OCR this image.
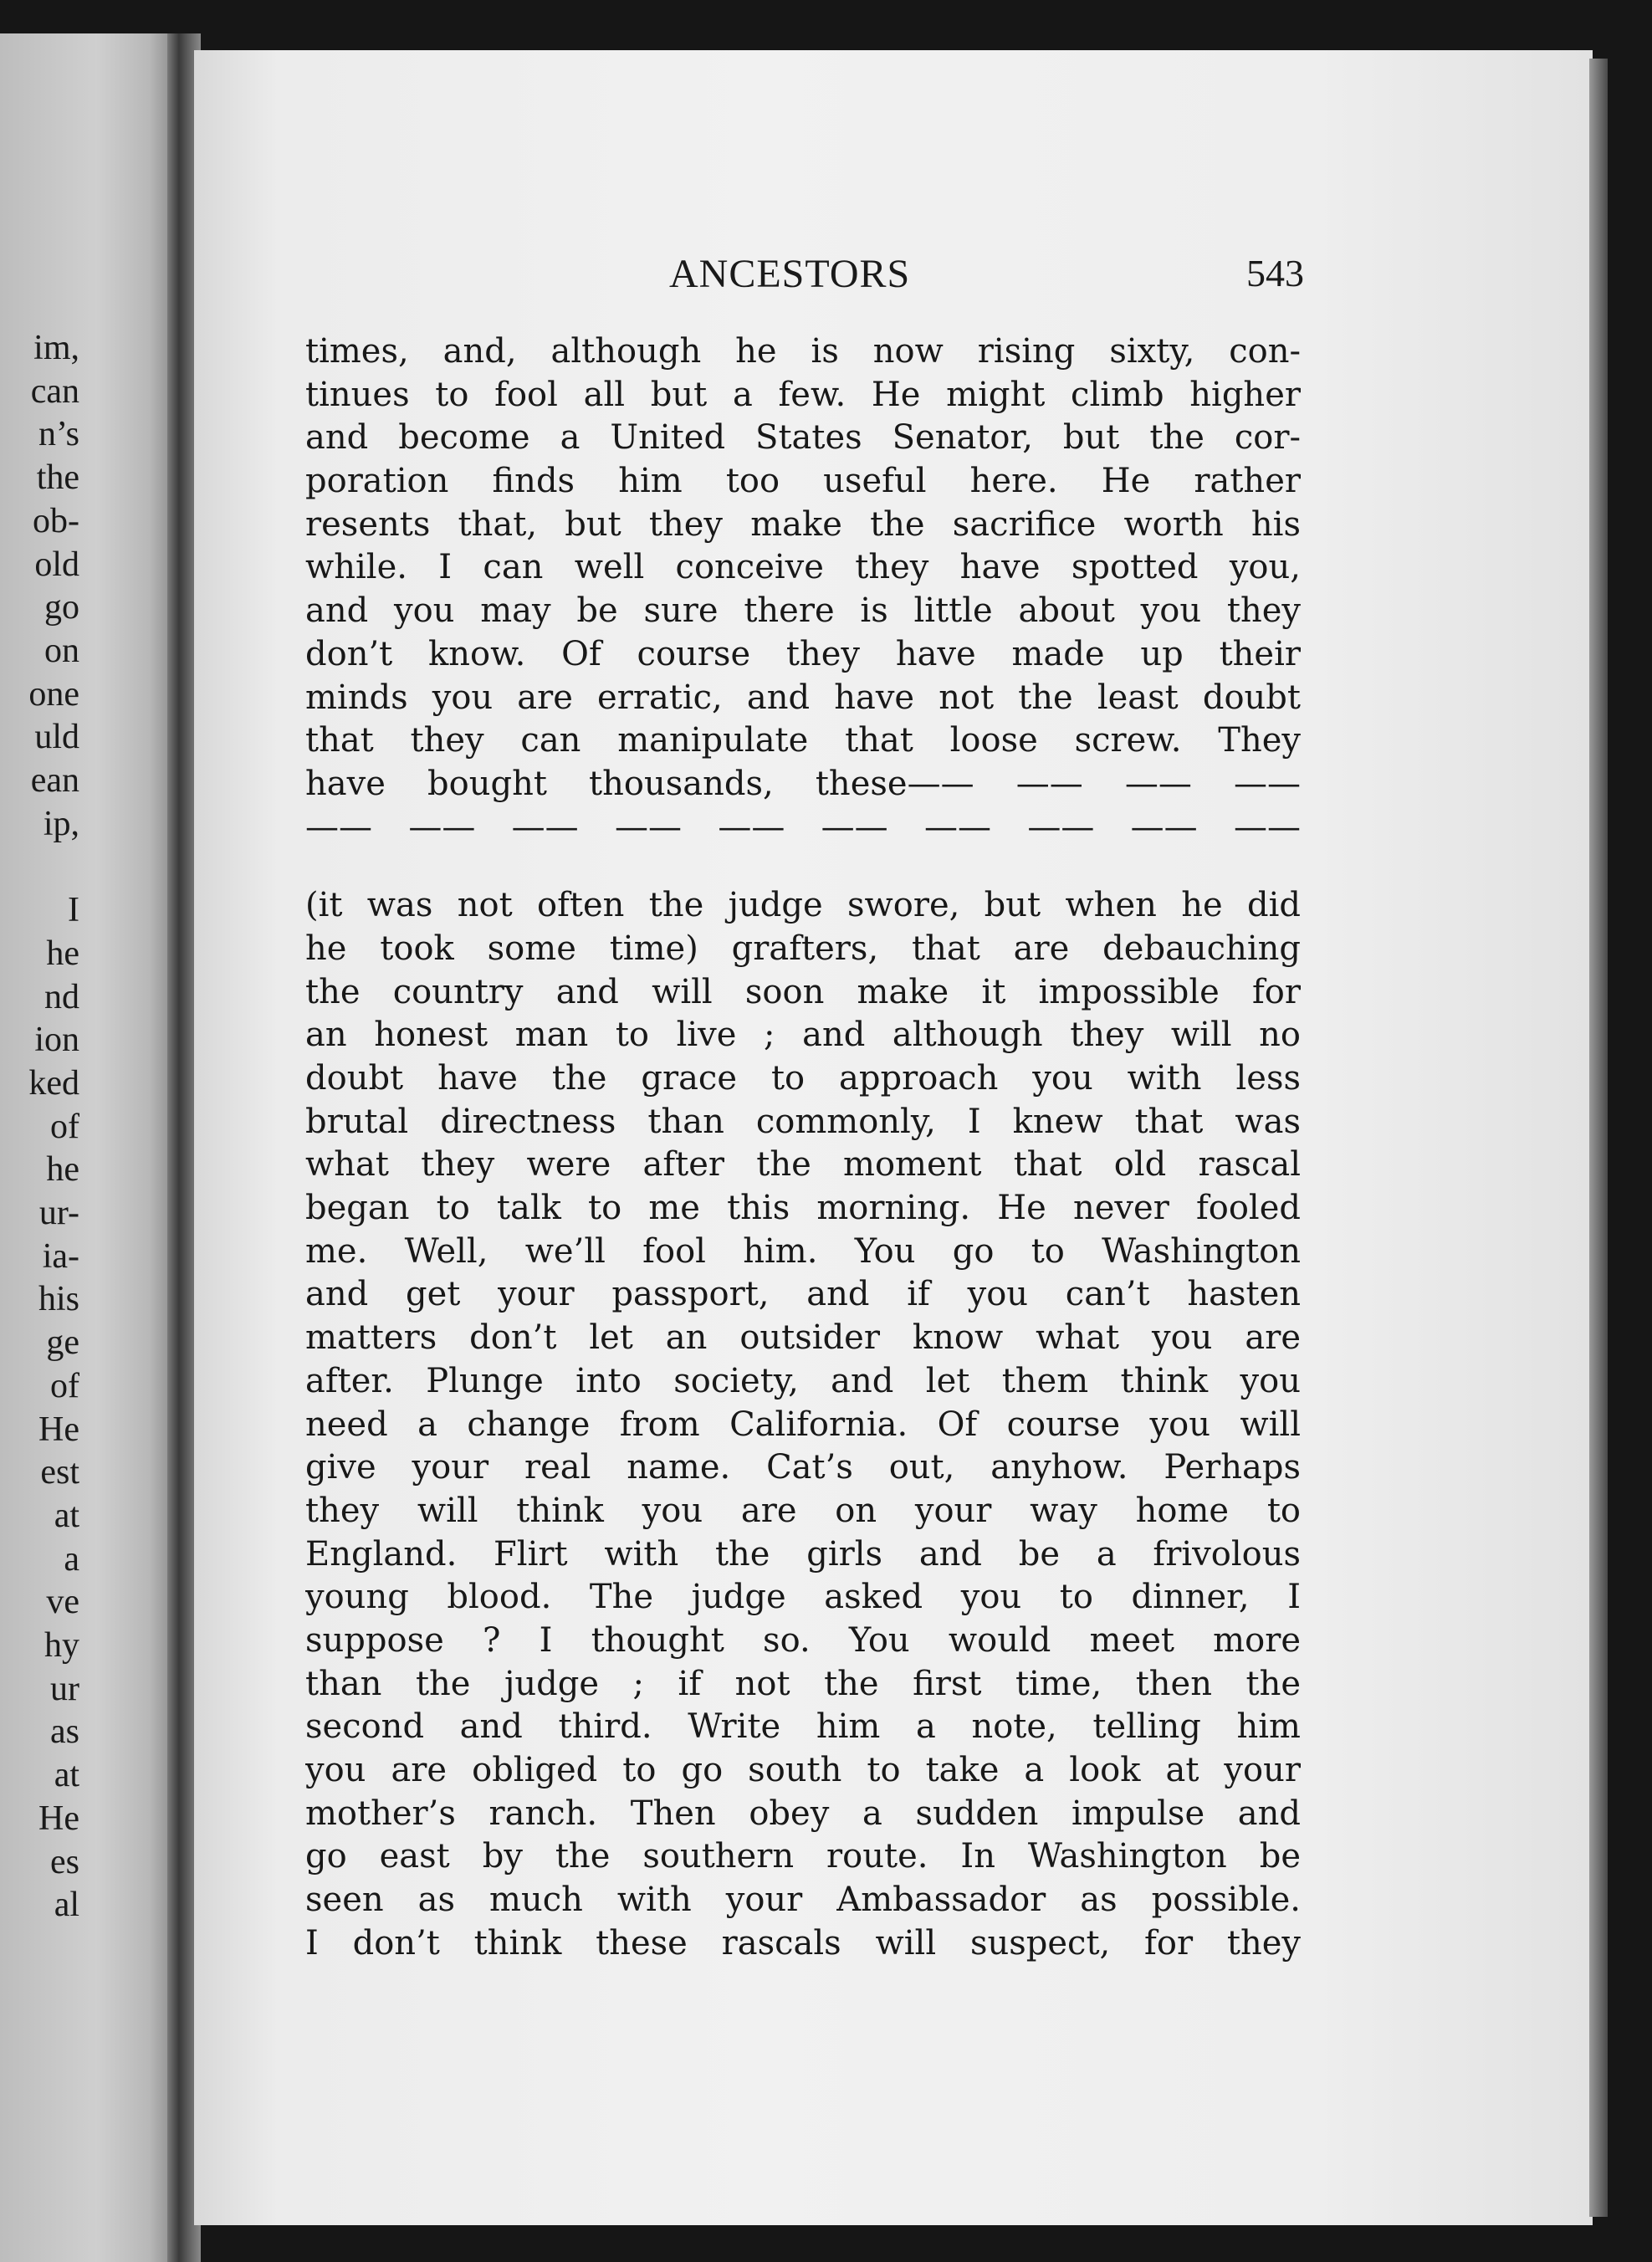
im,
can
n’s
the
ob-
old
go
on
one
uld
ean
ip,
I
he
nd
ion
ked
of
he
ur-
ia-
his
ge
of
He
est
at
a
ve
hy
ur
as
at
He
es
al
ANCESTORS	543
times, and, although he is now rising sixty, con-
tinues to fool all but a few. He might climb higher
and become a United States Senator, but the cor-
poration finds him too useful here. He rather
resents that, but they make the sacrifice worth his
while. I can well conceive they have spotted you,
and you may be sure there is little about you they
don’t know. Of course they have made up their
minds you are erratic, and have not the least doubt
that they can manipulate that loose screw. They
have bought thousands, these—— —— —— ——
—— —— —— —— —— —— —— —— —— ——
(it was not often the judge swore, but when he did
he took some time) grafters, that are debauching
the country and will soon make it impossible for
an honest man to live ; and although they will no
doubt have the grace to approach you with less
brutal directness than commonly, I knew that was
what they were after the moment that old rascal
began to talk to me this morning. He never fooled
me. Well, we’ll fool him. You go to Washington
and get your passport, and if you can’t hasten
matters don’t let an outsider know what you are
after. Plunge into society, and let them think you
need a change from California. Of course you will
give your real name. Cat’s out, anyhow. Perhaps
they will think you are on your way home to
England. Flirt with the girls and be a frivolous
young blood. The judge asked you to dinner, I
suppose ? I thought so. You would meet more
than the judge ; if not the first time, then the
second and third. Write him a note, telling him
you are obliged to go south to take a look at your
mother’s ranch. Then obey a sudden impulse and
go east by the southern route. In Washington be
seen as much with your Ambassador as possible.
I don’t think these rascals will suspect, for they
